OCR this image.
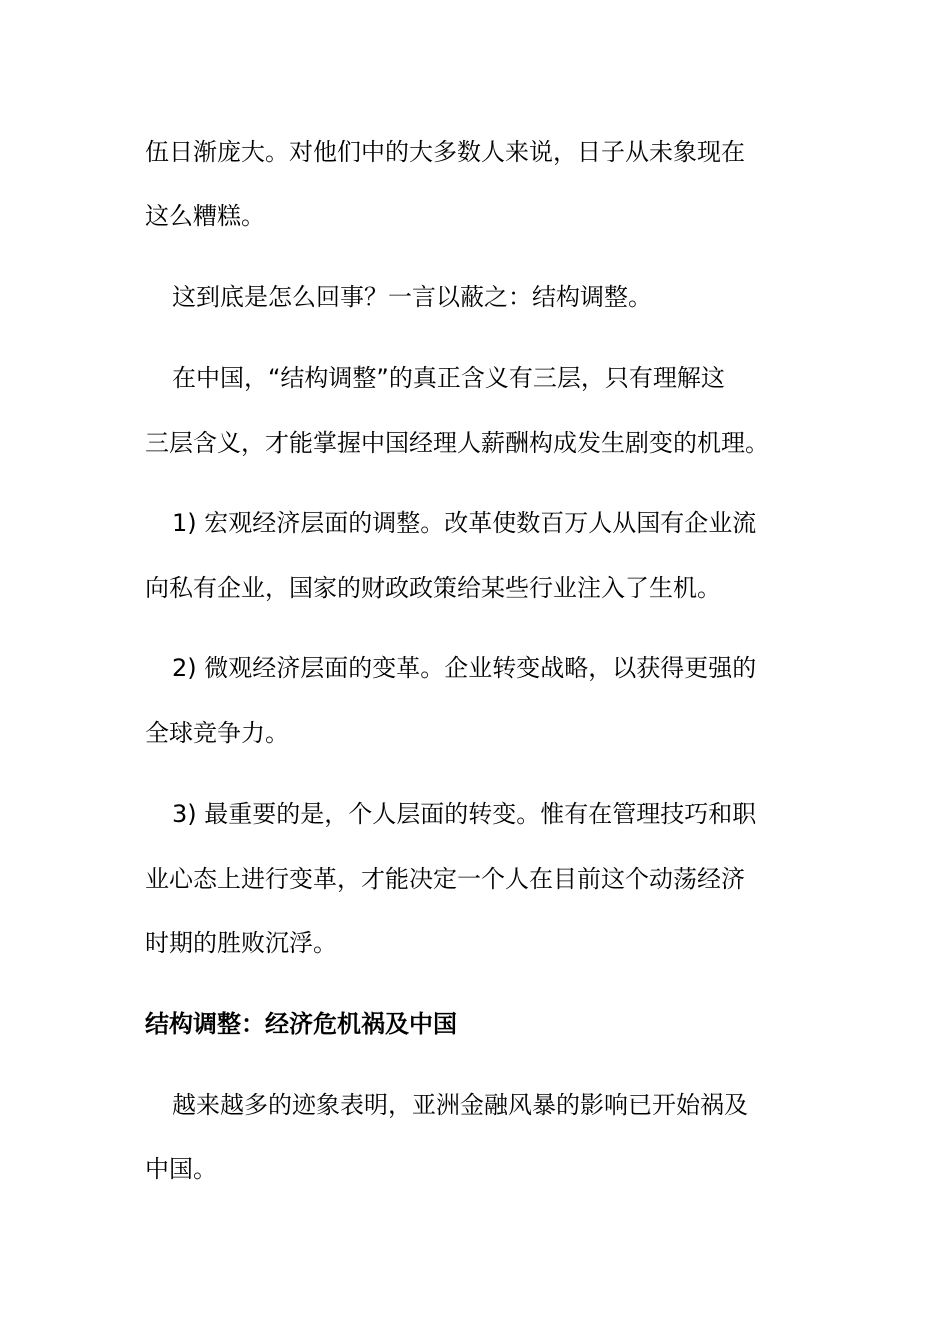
伍日渐庞大。对他们中的大多数人来说，日子从未象现在
这么糟糕。
这到底是怎么回事？一言以蔽之：结构调整。
在中国，“结构调整”的真正含义有三层，只有理解这
三层含义，才能掌握中国经理人薪酬构成发生剧变的机理。
1) 宏观经济层面的调整。改革使数百万人从国有企业流
向私有企业，国家的财政政策给某些行业注入了生机。
2) 微观经济层面的变革。企业转变战略，以获得更强的
全球竞争力。
3) 最重要的是，个人层面的转变。惟有在管理技巧和职
业心态上进行变革，才能决定一个人在目前这个动荡经济
时期的胜败沉浮。
结构调整：经济危机祸及中国
越来越多的迹象表明，亚洲金融风暴的影响已开始祸及
中国。
